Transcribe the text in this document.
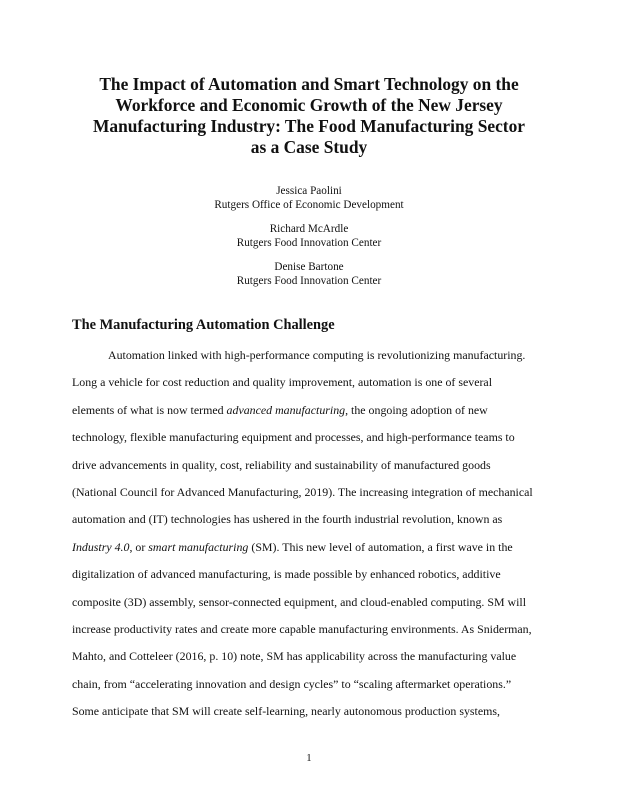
The Impact of Automation and Smart Technology on the
Workforce and Economic Growth of the New Jersey
Manufacturing Industry: The Food Manufacturing Sector
as a Case Study
Jessica Paolini
Rutgers Office of Economic Development
Richard McArdle
Rutgers Food Innovation Center
Denise Bartone
Rutgers Food Innovation Center
The Manufacturing Automation Challenge
Automation linked with high-performance computing is revolutionizing manufacturing.
Long a vehicle for cost reduction and quality improvement, automation is one of several
elements of what is now termed advanced manufacturing, the ongoing adoption of new
technology, flexible manufacturing equipment and processes, and high-performance teams to
drive advancements in quality, cost, reliability and sustainability of manufactured goods
(National Council for Advanced Manufacturing, 2019). The increasing integration of mechanical
automation and (IT) technologies has ushered in the fourth industrial revolution, known as
Industry 4.0, or smart manufacturing (SM). This new level of automation, a first wave in the
digitalization of advanced manufacturing, is made possible by enhanced robotics, additive
composite (3D) assembly, sensor-connected equipment, and cloud-enabled computing. SM will
increase productivity rates and create more capable manufacturing environments. As Sniderman,
Mahto, and Cotteleer (2016, p. 10) note, SM has applicability across the manufacturing value
chain, from “accelerating innovation and design cycles” to “scaling aftermarket operations.”
Some anticipate that SM will create self-learning, nearly autonomous production systems,
1
